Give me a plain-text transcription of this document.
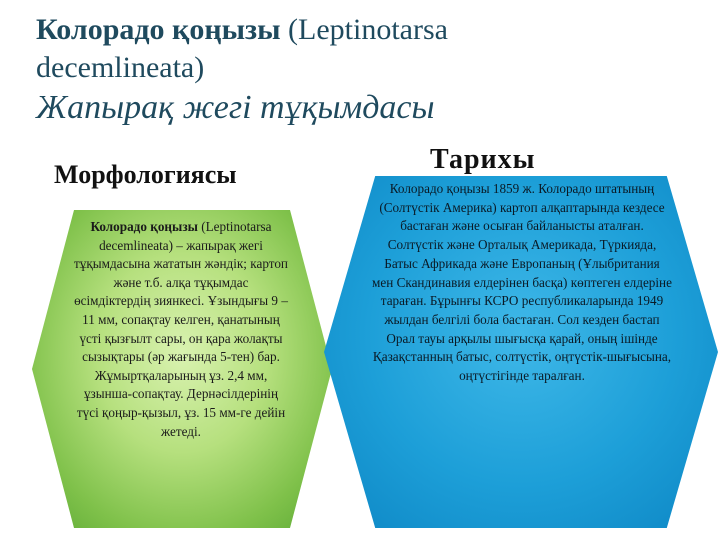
Колорадо қоңызы (Leptinotarsa
decemlineata)
Жапырақ жегі тұқымдасы
Морфологиясы	Тарихы
Колорадо қоңызы (Leptinotarsa decemlineata) – жапырақ жегі тұқымдасына жататын жәндік; картоп және т.б. алқа тұқымдас өсімдіктердің зиянкесі. Ұзындығы 9 – 11 мм, сопақтау келген, қанатының үсті қызғылт сары, он қара жолақты сызықтары (әр жағында 5-тен) бар. Жұмыртқаларының ұз. 2,4 мм, ұзынша-сопақтау. Дернәсілдерінің түсі қоңыр-қызыл, ұз. 15 мм-ге дейін жетеді.
Колорадо қоңызы 1859 ж. Колорадо штатының (Солтүстік Америка) картоп алқаптарында кездесе бастаған және осыған байланысты аталған. Солтүстік және Орталық Америкада, Түркияда, Батыс Африкада және Европаның (Ұлыбритания мен Скандинавия елдерінен басқа) көптеген елдеріне тараған. Бұрынғы КСРО республикаларында 1949 жылдан белгілі бола бастаған. Сол кезден бастап Орал тауы арқылы шығысқа қарай, оның ішінде Қазақстанның батыс, солтүстік, оңтүстік-шығысына, оңтүстігінде таралған.
